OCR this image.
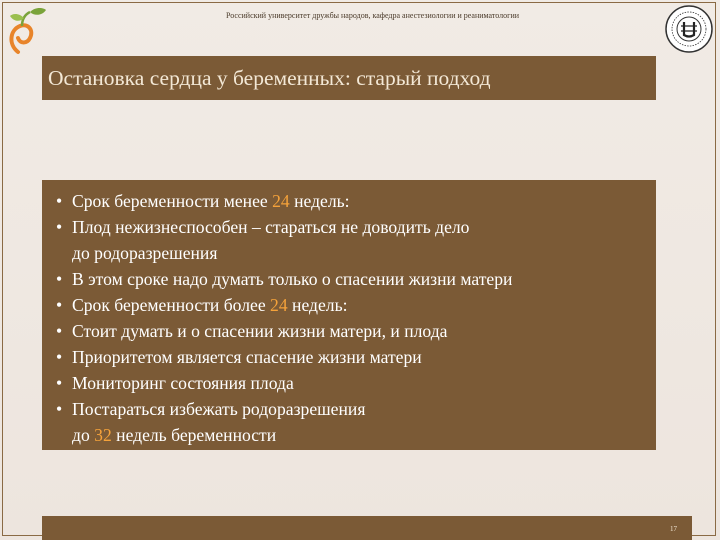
Российский университет дружбы народов, кафедра анестезиологии и реаниматологии
Остановка сердца у беременных: старый подход
• Срок беременности менее 24 недель:
• Плод нежизнеспособен – стараться не доводить дело
до родоразрешения
• В этом сроке надо думать только о спасении жизни матери
• Срок беременности более 24 недель:
• Стоит думать и о спасении жизни матери, и плода
• Приоритетом является спасение жизни матери
• Мониторинг состояния плода
• Постараться избежать родоразрешения
до 32 недель беременности
17
